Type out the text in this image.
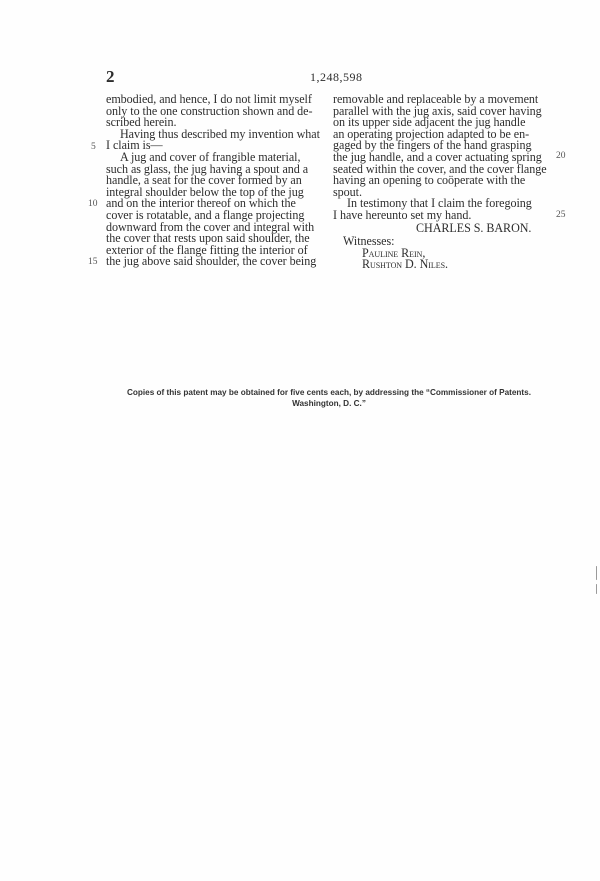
2	1,248,598
embodied, and hence, I do not limit myself
only to the one construction shown and de-
scribed herein.
Having thus described my invention what
I claim is—
A jug and cover of frangible material,
such as glass, the jug having a spout and a
handle, a seat for the cover formed by an
integral shoulder below the top of the jug
and on the interior thereof on which the
cover is rotatable, and a flange projecting
downward from the cover and integral with
the cover that rests upon said shoulder, the
exterior of the flange fitting the interior of
the jug above said shoulder, the cover being
removable and replaceable by a movement
parallel with the jug axis, said cover having
on its upper side adjacent the jug handle
an operating projection adapted to be en-
gaged by the fingers of the hand grasping
the jug handle, and a cover actuating spring
seated within the cover, and the cover flange
having an opening to coöperate with the
spout.
In testimony that I claim the foregoing
I have hereunto set my hand.
CHARLES S. BARON.
Witnesses:
Pauline Rein,
Rushton D. Niles.
5
10
15
20
25
Copies of this patent may be obtained for five cents each, by addressing the “Commissioner of Patents.
Washington, D. C.”
